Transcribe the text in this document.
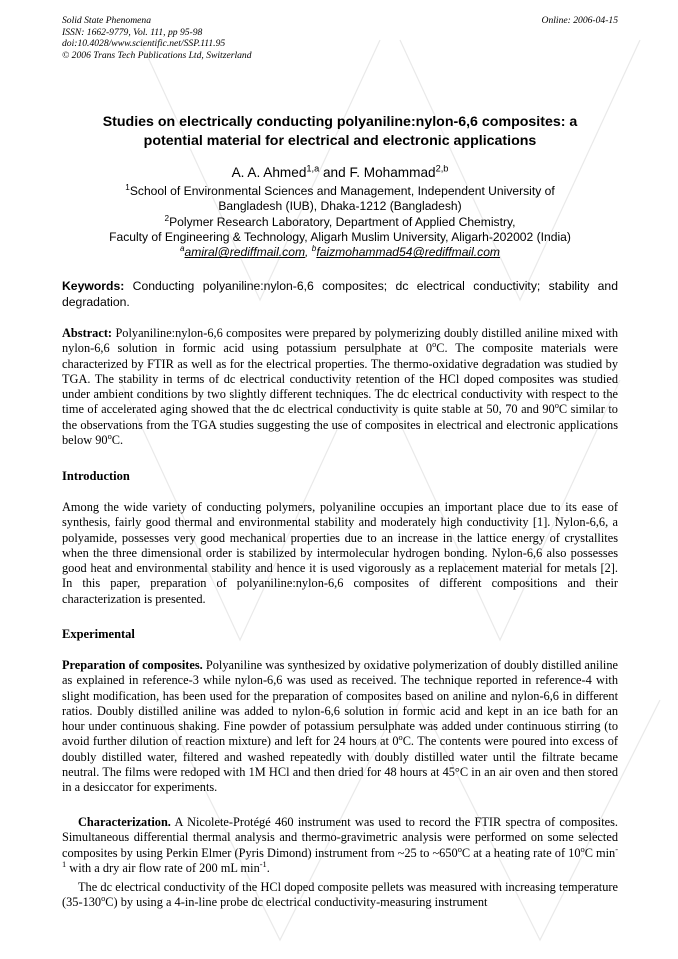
Solid State Phenomena
ISSN: 1662-9779, Vol. 111, pp 95-98
doi:10.4028/www.scientific.net/SSP.111.95
© 2006 Trans Tech Publications Ltd, Switzerland
Online: 2006-04-15
Studies on electrically conducting polyaniline:nylon-6,6 composites: a
potential material for electrical and electronic applications
A. A. Ahmed$^{1,a}$ and F. Mohammad$^{2,b}$
$^1$School of Environmental Sciences and Management, Independent University of
Bangladesh (IUB), Dhaka-1212 (Bangladesh)
$^2$Polymer Research Laboratory, Department of Applied Chemistry,
Faculty of Engineering & Technology, Aligarh Muslim University, Aligarh-202002 (India)
$^a$amiral@rediffmail.com, $^b$faizmohammad54@rediffmail.com
Keywords: Conducting polyaniline:nylon-6,6 composites; dc electrical conductivity; stability and degradation.
Abstract: Polyaniline:nylon-6,6 composites were prepared by polymerizing doubly distilled aniline mixed with nylon-6,6 solution in formic acid using potassium persulphate at 0$^o$C. The composite materials were characterized by FTIR as well as for the electrical properties. The thermo-oxidative degradation was studied by TGA. The stability in terms of dc electrical conductivity retention of the HCl doped composites was studied under ambient conditions by two slightly different techniques. The dc electrical conductivity with respect to the time of accelerated aging showed that the dc electrical conductivity is quite stable at 50, 70 and 90$^o$C similar to the observations from the TGA studies suggesting the use of composites in electrical and electronic applications below 90$^o$C.
Introduction
Among the wide variety of conducting polymers, polyaniline occupies an important place due to its ease of synthesis, fairly good thermal and environmental stability and moderately high conductivity [1]. Nylon-6,6, a polyamide, possesses very good mechanical properties due to an increase in the lattice energy of crystallites when the three dimensional order is stabilized by intermolecular hydrogen bonding. Nylon-6,6 also possesses good heat and environmental stability and hence it is used vigorously as a replacement material for metals [2]. In this paper, preparation of polyaniline:nylon-6,6 composites of different compositions and their characterization is presented.
Experimental
Preparation of composites. Polyaniline was synthesized by oxidative polymerization of doubly distilled aniline as explained in reference-3 while nylon-6,6 was used as received. The technique reported in reference-4 with slight modification, has been used for the preparation of composites based on aniline and nylon-6,6 in different ratios. Doubly distilled aniline was added to nylon-6,6 solution in formic acid and kept in an ice bath for an hour under continuous shaking. Fine powder of potassium persulphate was added under continuous stirring (to avoid further dilution of reaction mixture) and left for 24 hours at 0$^o$C. The contents were poured into excess of doubly distilled water, filtered and washed repeatedly with doubly distilled water until the filtrate became neutral. The films were redoped with 1M HCl and then dried for 48 hours at 45°C in an air oven and then stored in a desiccator for experiments.
Characterization. A Nicolete-Protégé 460 instrument was used to record the FTIR spectra of composites. Simultaneous differential thermal analysis and thermo-gravimetric analysis were performed on some selected composites by using Perkin Elmer (Pyris Dimond) instrument from ~25 to ~650$^o$C at a heating rate of 10$^o$C $\min^{-1}$ with a dry air flow rate of 200 mL $\min^{-1}$.
The dc electrical conductivity of the HCl doped composite pellets was measured with increasing temperature (35-130$^o$C) by using a 4-in-line probe dc electrical conductivity-measuring instrument
